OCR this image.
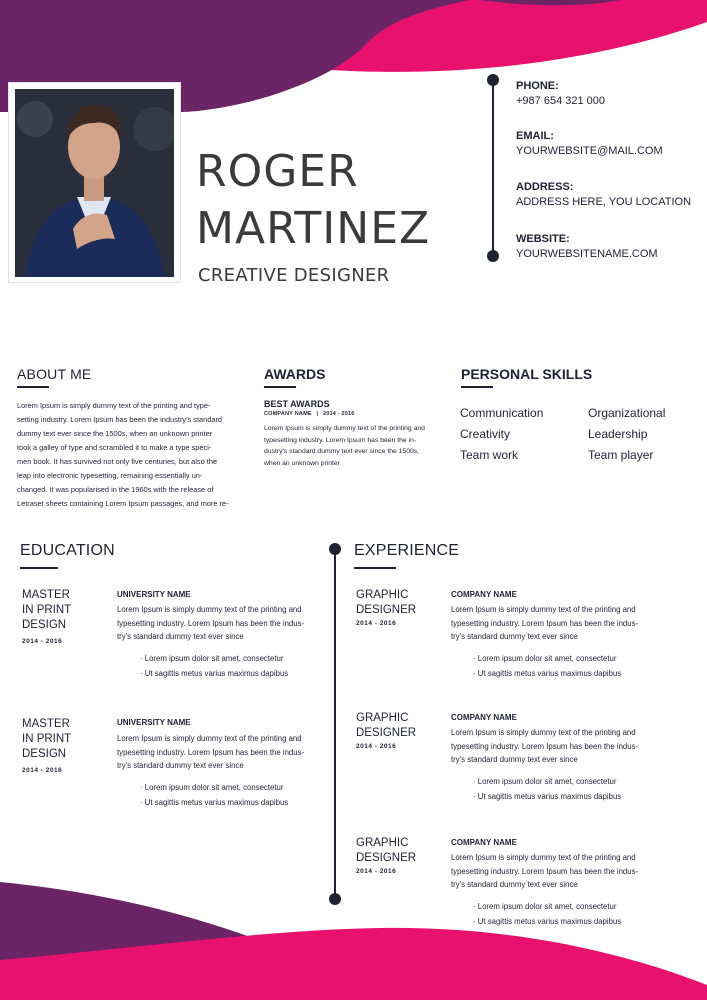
ROGER
MARTINEZ
CREATIVE DESIGNER
PHONE:
+987 654 321 000
EMAIL:
YOURWEBSITE@MAIL.COM
ADDRESS:
ADDRESS HERE, YOU LOCATION
WEBSITE:
YOURWEBSITENAME.COM
ABOUT ME
Lorem Ipsum is simply dummy text of the printing and type-
setting industry. Lorem Ipsum has been the industry's standard
dummy text ever since the 1500s, when an unknown printer
took a galley of type and scrambled it to make a type speci-
men book. It has survived not only five centuries, but also the
leap into electronic typesetting, remaining essentially un-
changed. It was popularised in the 1960s with the release of
Letraset sheets containing Lorem Ipsum passages, and more re-
AWARDS
BEST AWARDS
COMPANY NAME | 2014 - 2016
Lorem Ipsum is simply dummy text of the printing and
typesetting industry. Lorem Ipsum has been the in-
dustry's standard dummy text ever since the 1500s,
when an unknown printer
PERSONAL SKILLS
Communication
Creativity
Team work
Organizational
Leadership
Team player
EDUCATION
MASTER
IN PRINT
DESIGN
2014 - 2016
UNIVERSITY NAME
Lorem Ipsum is simply dummy text of the printing and
typesetting industry. Lorem Ipsum has been the indus-
try's standard dummy text ever since
· Lorem ipsum dolor sit amet, consectetur
· Ut sagittis metus varius maximus dapibus
MASTER
IN PRINT
DESIGN
2014 - 2016
UNIVERSITY NAME
Lorem Ipsum is simply dummy text of the printing and
typesetting industry. Lorem Ipsum has been the indus-
try's standard dummy text ever since
· Lorem ipsum dolor sit amet, consectetur
· Ut sagittis metus varius maximus dapibus
EXPERIENCE
GRAPHIC
DESIGNER
2014 - 2016
COMPANY NAME
Lorem Ipsum is simply dummy text of the printing and
typesetting industry. Lorem Ipsum has been the indus-
try's standard dummy text ever since
· Lorem ipsum dolor sit amet, consectetur
· Ut sagittis metus varius maximus dapibus
GRAPHIC
DESIGNER
2014 - 2016
COMPANY NAME
Lorem Ipsum is simply dummy text of the printing and
typesetting industry. Lorem Ipsum has been the indus-
try's standard dummy text ever since
· Lorem ipsum dolor sit amet, consectetur
· Ut sagittis metus varius maximus dapibus
GRAPHIC
DESIGNER
2014 - 2016
COMPANY NAME
Lorem Ipsum is simply dummy text of the printing and
typesetting industry. Lorem Ipsum has been the indus-
try's standard dummy text ever since
· Lorem ipsum dolor sit amet, consectetur
· Ut sagittis metus varius maximus dapibus
